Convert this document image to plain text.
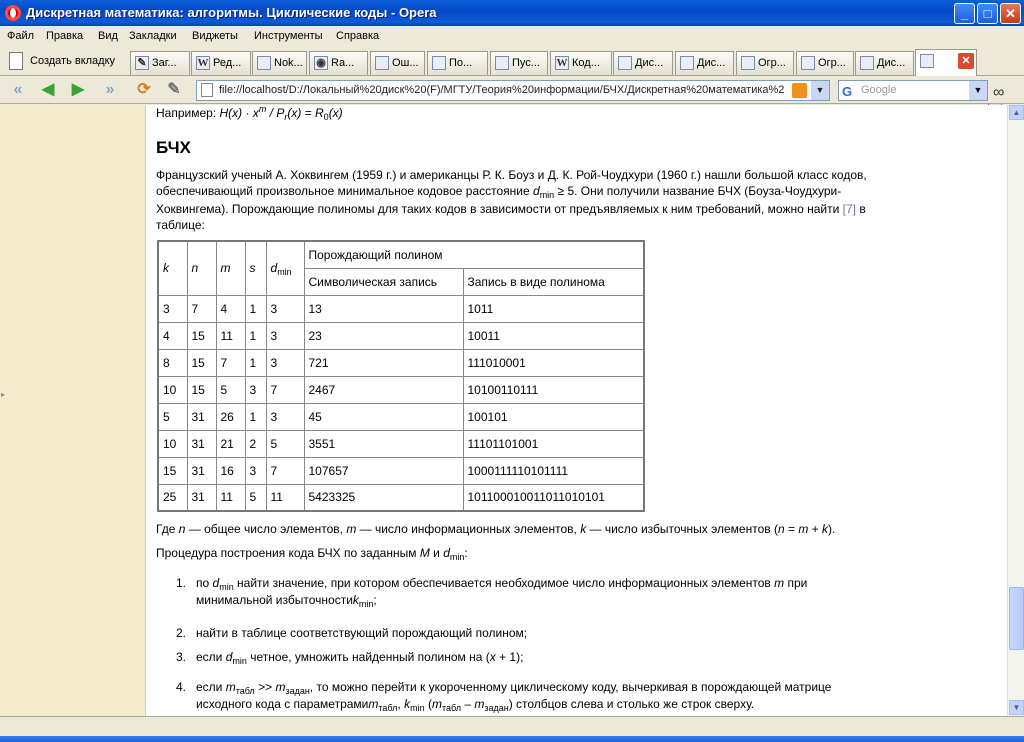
Дискретная математика: алгоритмы. Циклические коды - Opera	_	□	✕
Файл Правка Вид Закладки Виджеты Инструменты Справка
Создать вкладку ✎ Заг...	W Ред...	Nok...	◉ Ra...	Ош...	По...	Пус...	W Код...	Дис...	Дис...	Огр...	Огр...	Дис...	✕
«	◀ ▶	»	⟳ ✎	file://localhost/D:/Локальный%20диск%20(F)/МГТУ/Теория%20информации/БЧХ/Дискретная%20математика%2	▼	G Google	▼ ∞
▸
Например: $H(x) \cdot x^m / P_r(x) = R_0(x)$
БЧХ

Французский ученый А. Хоквингем (1959 г.) и американцы Р. К. Боуз и Д. К. Рой-Чоудхури (1960 г.) нашли большой класс кодов,

обеспечивающий произвольное минимальное кодовое расстояние $d_{min} \ge 5$. Они получили название БЧХ (Боуза-Чоудхури-

Хоквингема). Порождающие полиномы для таких кодов в зависимости от предъявляемых к ним требований, можно найти [7] в

таблице:

k	n	m	s	$d_{min}$	Порождающий полином	
					Символическая запись	Запись в виде полинома
3	7	4	1	3	13	1011
4	15	11	1	3	23	10011
8	15	7	1	3	721	111010001
10	15	5	3	7	2467	10100110111
5	31	26	1	3	45	100101
10	31	21	2	5	3551	11101101001
15	31	16	3	7	107657	1000111110101111
25	31	11	5	11	5423325	101100010011011010101
Где n — общее число элементов, m — число информационных элементов, k — число избыточных элементов (n = m + k).
Процедура построения кода БЧХ по заданным M и $d_{min}$:
1. по $d_{min}$ найти значение, при котором обеспечивается необходимое число информационных элементов m при
минимальной избыточностиk$_{min}$;
2. найти в таблице соответствующий порождающий полином;
3. если $d_{min}$ четное, умножить найденный полином на (x + 1);
4. если $m_{табл} >> m_{задан}$, то можно перейти к укороченному циклическому коду, вычеркивая в порождающей матрице
исходного кода с параметрамиm$_{табл}$, $k_{min}$ $(m_{табл} - m_{задан})$ столбцов слева и столько же строк сверху.
▲
▼
